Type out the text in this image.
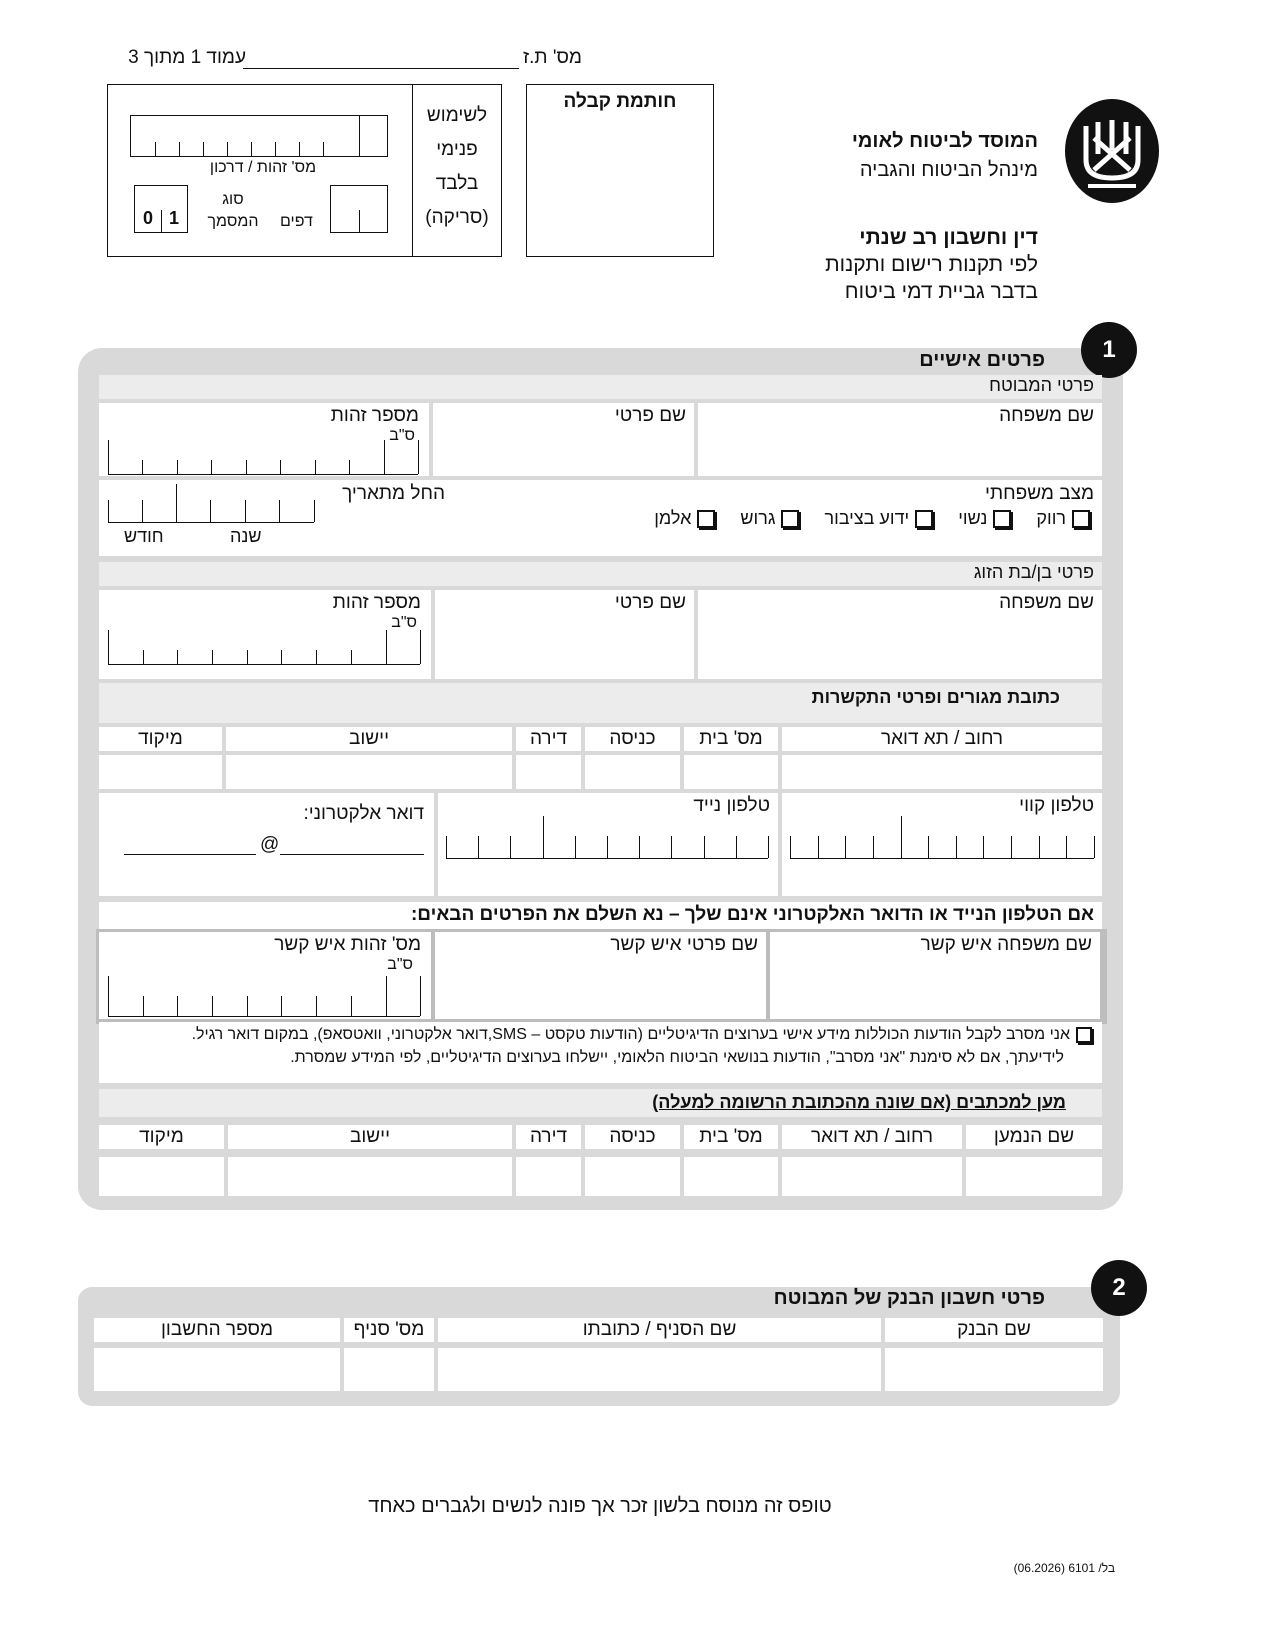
מס' ת.ז
עמוד 1 מתוך 3
חותמת קבלה
לשימוש
פנימי
בלבד
(סריקה)
מס' זהות / דרכון
0 1
סוג המסמך	דפים
המוסד לביטוח לאומי
מינהל הביטוח והגביה
דין וחשבון רב שנתי
לפי תקנות רישום ותקנות
בדבר גביית דמי ביטוח
1
פרטים אישיים
פרטי המבוטח
שם משפחה
שם פרטי
מספר זהות
ס"ב
מצב משפחתי
רווק     נשוי     ידוע בציבור     גרוש     אלמן
החל מתאריך
חודש	שנה
פרטי בן/בת הזוג
שם משפחה
שם פרטי
מספר זהות
ס"ב
כתובת מגורים ופרטי התקשרות
רחוב / תא דואר
מס' בית
כניסה
דירה
יישוב
מיקוד
טלפון קווי
טלפון נייד
דואר אלקטרוני:
@
אם הטלפון הנייד או הדואר האלקטרוני אינם שלך – נא השלם את הפרטים הבאים:
שם משפחה איש קשר
שם פרטי איש קשר
מס' זהות איש קשר
ס"ב
אני מסרב לקבל הודעות הכוללות מידע אישי בערוצים הדיגיטליים (הודעות טקסט – SMS,דואר אלקטרוני, וואטסאפ), במקום דואר רגיל.
לידיעתך, אם לא סימנת "אני מסרב", הודעות בנושאי הביטוח הלאומי, יישלחו בערוצים הדיגיטליים, לפי המידע שמסרת.
מען למכתבים (אם שונה מהכתובת הרשומה למעלה)
שם הנמען
רחוב / תא דואר
מס' בית
כניסה
דירה
יישוב
מיקוד
2
פרטי חשבון הבנק של המבוטח
שם הבנק
שם הסניף / כתובתו
מס' סניף
מספר החשבון
טופס זה מנוסח בלשון זכר אך פונה לנשים ולגברים כאחד
בל/ 6101 (06.2026)
